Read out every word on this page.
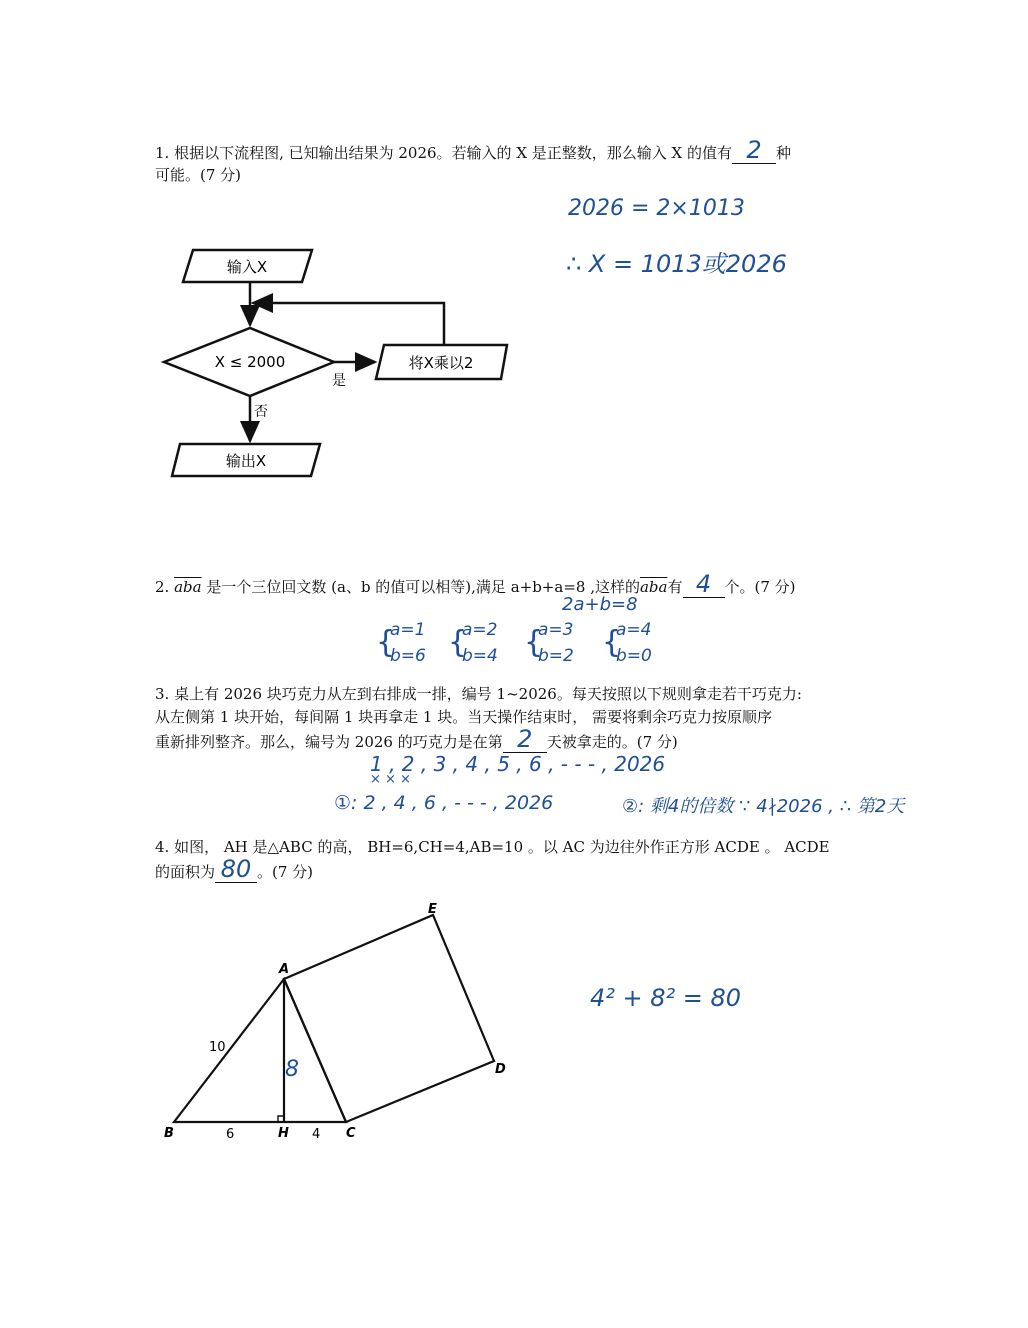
1. 根据以下流程图, 已知输出结果为 2026。若输入的 X 是正整数，那么输入 X 的值有 2 种
可能。(7 分)
2026 = 2×1013
∴ X = 1013或2026
输入X
X ≤ 2000
是
将X乘以2
否
输出X
2. $\overline{aba}$ 是一个三位回文数 (a、b 的值可以相等),满足 a+b+a=8 ,这样的$\overline{aba}$有 4 个。(7 分)
2a+b=8
{
a=1
b=6 {
a=2
b=4 {
a=3
b=2 {
a=4
b=0
3. 桌上有 2026 块巧克力从左到右排成一排，编号 1~2026。每天按照以下规则拿走若干巧克力:
从左侧第 1 块开始，每间隔 1 块再拿走 1 块。当天操作结束时， 需要将剩余巧克力按原顺序
重新排列整齐。那么，编号为 2026 的巧克力是在第 2 天被拿走的。(7 分)
1 , 2 , 3 , 4 , 5 , 6 , - - - , 2026
× × ×
①: 2 , 4 , 6 , - - - , 2026	②: 剩4的倍数 ∵ 4∤2026 , ∴ 第2天
4. 如图， AH 是△ABC 的高， BH=6,CH=4,AB=10 。以 AC 为边往外作正方形 ACDE 。 ACDE
的面积为 80 。(7 分)
4² + 8² = 80
A
B	C
D
E
H
10
6	4
8
